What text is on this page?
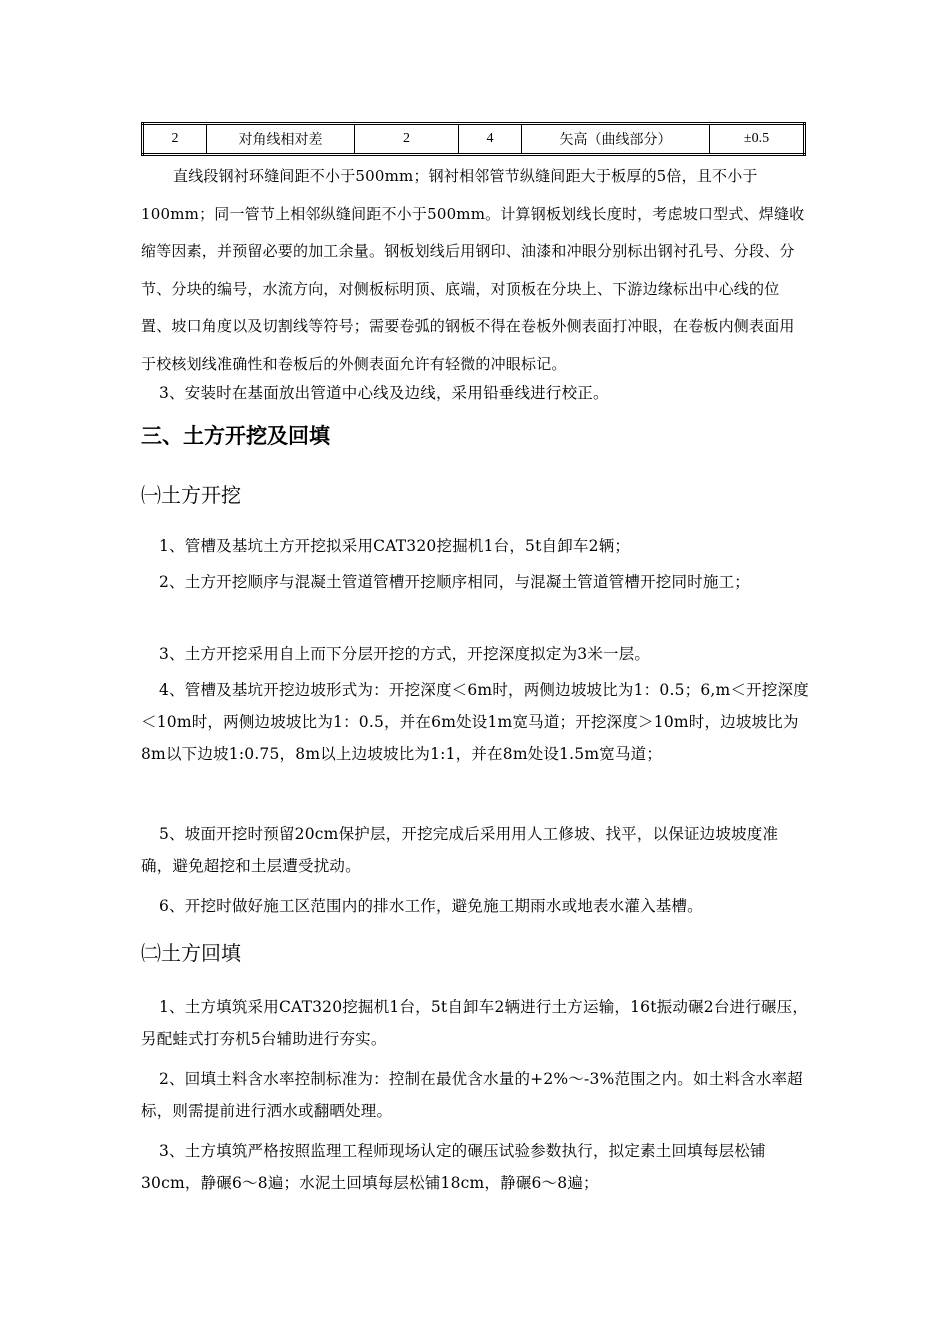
2	对角线相对差	2	4	矢高（曲线部分）	±0.5

直线段钢衬环缝间距不小于500mm；钢衬相邻管节纵缝间距大于板厚的5倍，且不小于100mm；同一管节上相邻纵缝间距不小于500mm。计算钢板划线长度时，考虑坡口型式、焊缝收缩等因素，并预留必要的加工余量。钢板划线后用钢印、油漆和冲眼分别标出钢衬孔号、分段、分节、分块的编号，水流方向，对侧板标明顶、底端，对顶板在分块上、下游边缘标出中心线的位置、坡口角度以及切割线等符号；需要卷弧的钢板不得在卷板外侧表面打冲眼，在卷板内侧表面用于校核划线准确性和卷板后的外侧表面允许有轻微的冲眼标记。

3、安装时在基面放出管道中心线及边线，采用铅垂线进行校正。

三、土方开挖及回填
㈠土方开挖

1、管槽及基坑土方开挖拟采用CAT320挖掘机1台，5t自卸车2辆；

2、土方开挖顺序与混凝土管道管槽开挖顺序相同，与混凝土管道管槽开挖同时施工；

3、土方开挖采用自上而下分层开挖的方式，开挖深度拟定为3米一层。

4、管槽及基坑开挖边坡形式为：开挖深度＜6m时，两侧边坡坡比为1：0.5；6,m＜开挖深度＜10m时，两侧边坡坡比为1：0.5，并在6m处设1m宽马道；开挖深度＞10m时，边坡坡比为8m以下边坡1:0.75，8m以上边坡坡比为1:1，并在8m处设1.5m宽马道；

5、坡面开挖时预留20cm保护层，开挖完成后采用用人工修坡、找平，以保证边坡坡度准确，避免超挖和土层遭受扰动。

6、开挖时做好施工区范围内的排水工作，避免施工期雨水或地表水灌入基槽。

㈡土方回填

1、土方填筑采用CAT320挖掘机1台，5t自卸车2辆进行土方运输，16t振动碾2台进行碾压，另配蛙式打夯机5台辅助进行夯实。

2、回填土料含水率控制标准为：控制在最优含水量的+2%～-3%范围之内。如土料含水率超标，则需提前进行洒水或翻晒处理。

3、土方填筑严格按照监理工程师现场认定的碾压试验参数执行，拟定素土回填每层松铺30cm，静碾6～8遍；水泥土回填每层松铺18cm，静碾6～8遍；
